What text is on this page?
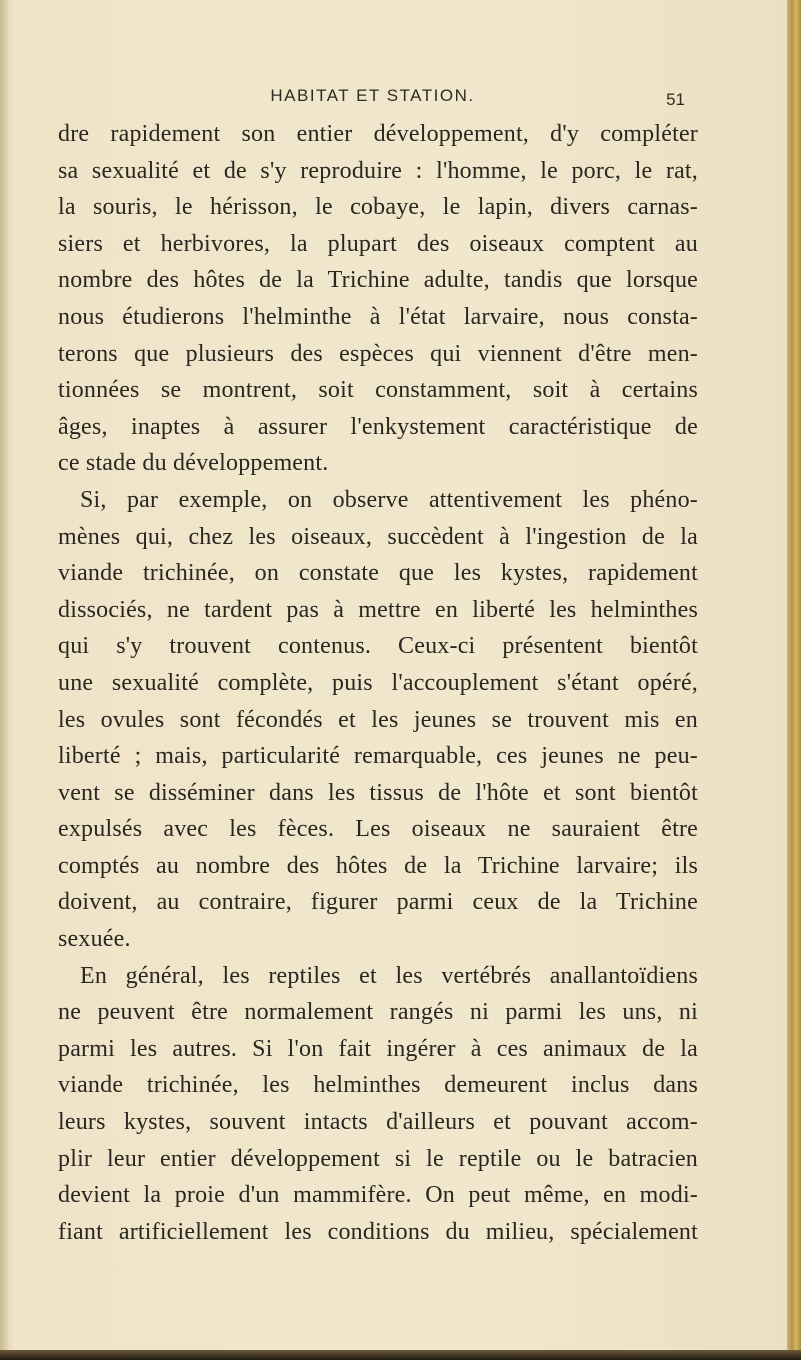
HABITAT ET STATION.	51
dre rapidement son entier développement, d'y compléter
sa sexualité et de s'y reproduire : l'homme, le porc, le rat,
la souris, le hérisson, le cobaye, le lapin, divers carnas-
siers et herbivores, la plupart des oiseaux comptent au
nombre des hôtes de la Trichine adulte, tandis que lorsque
nous étudierons l'helminthe à l'état larvaire, nous consta-
terons que plusieurs des espèces qui viennent d'être men-
tionnées se montrent, soit constamment, soit à certains
âges, inaptes à assurer l'enkystement caractéristique de
ce stade du développement.
Si, par exemple, on observe attentivement les phéno-
mènes qui, chez les oiseaux, succèdent à l'ingestion de la
viande trichinée, on constate que les kystes, rapidement
dissociés, ne tardent pas à mettre en liberté les helminthes
qui s'y trouvent contenus. Ceux-ci présentent bientôt
une sexualité complète, puis l'accouplement s'étant opéré,
les ovules sont fécondés et les jeunes se trouvent mis en
liberté ; mais, particularité remarquable, ces jeunes ne peu-
vent se disséminer dans les tissus de l'hôte et sont bientôt
expulsés avec les fèces. Les oiseaux ne sauraient être
comptés au nombre des hôtes de la Trichine larvaire; ils
doivent, au contraire, figurer parmi ceux de la Trichine
sexuée.
En général, les reptiles et les vertébrés anallantoïdiens
ne peuvent être normalement rangés ni parmi les uns, ni
parmi les autres. Si l'on fait ingérer à ces animaux de la
viande trichinée, les helminthes demeurent inclus dans
leurs kystes, souvent intacts d'ailleurs et pouvant accom-
plir leur entier développement si le reptile ou le batracien
devient la proie d'un mammifère. On peut même, en modi-
fiant artificiellement les conditions du milieu, spécialement
